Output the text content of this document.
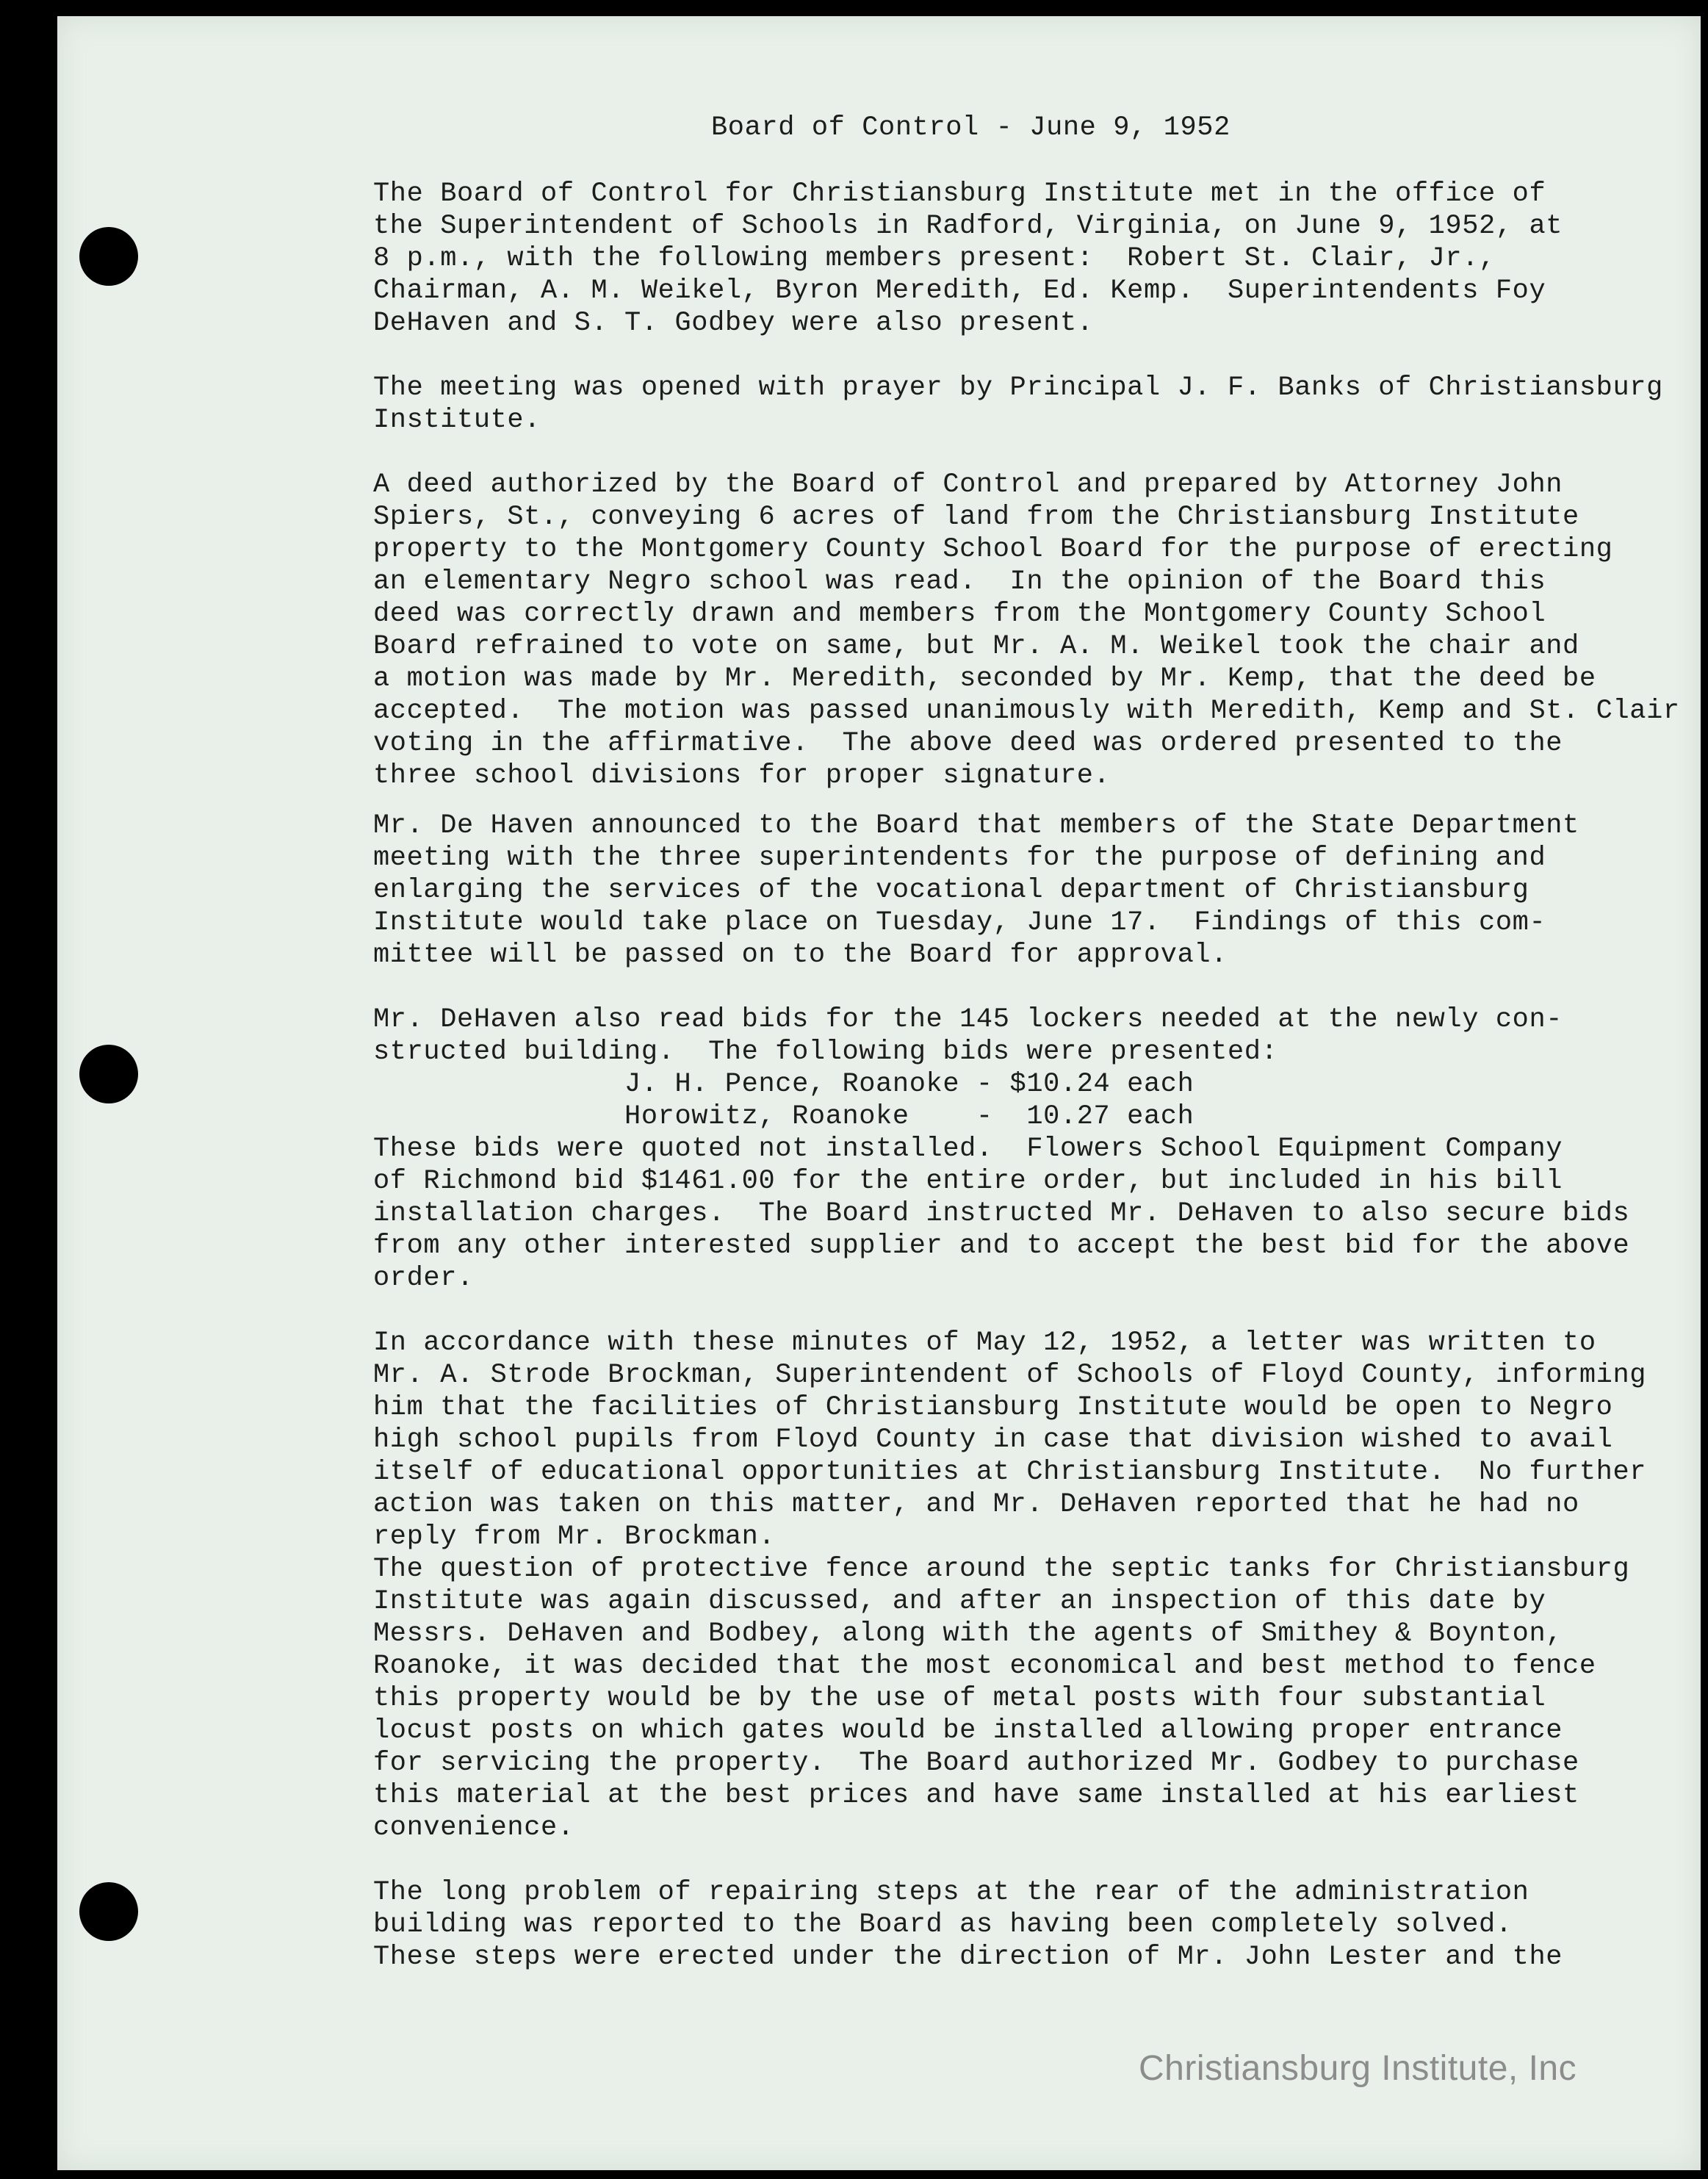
Board of Control - June 9, 1952
The Board of Control for Christiansburg Institute met in the office of
the Superintendent of Schools in Radford, Virginia, on June 9, 1952, at
8 p.m., with the following members present:  Robert St. Clair, Jr.,
Chairman, A. M. Weikel, Byron Meredith, Ed. Kemp.  Superintendents Foy
DeHaven and S. T. Godbey were also present.
The meeting was opened with prayer by Principal J. F. Banks of Christiansburg
Institute.
A deed authorized by the Board of Control and prepared by Attorney John
Spiers, St., conveying 6 acres of land from the Christiansburg Institute
property to the Montgomery County School Board for the purpose of erecting
an elementary Negro school was read.  In the opinion of the Board this
deed was correctly drawn and members from the Montgomery County School
Board refrained to vote on same, but Mr. A. M. Weikel took the chair and
a motion was made by Mr. Meredith, seconded by Mr. Kemp, that the deed be
accepted.  The motion was passed unanimously with Meredith, Kemp and St. Clair
voting in the affirmative.  The above deed was ordered presented to the
three school divisions for proper signature.
Mr. De Haven announced to the Board that members of the State Department
meeting with the three superintendents for the purpose of defining and
enlarging the services of the vocational department of Christiansburg
Institute would take place on Tuesday, June 17.  Findings of this com-
mittee will be passed on to the Board for approval.
Mr. DeHaven also read bids for the 145 lockers needed at the newly con-
structed building.  The following bids were presented:
J. H. Pence, Roanoke - $10.24 each
Horowitz, Roanoke    -  10.27 each
These bids were quoted not installed.  Flowers School Equipment Company
of Richmond bid $1461.00 for the entire order, but included in his bill
installation charges.  The Board instructed Mr. DeHaven to also secure bids
from any other interested supplier and to accept the best bid for the above
order.
In accordance with these minutes of May 12, 1952, a letter was written to
Mr. A. Strode Brockman, Superintendent of Schools of Floyd County, informing
him that the facilities of Christiansburg Institute would be open to Negro
high school pupils from Floyd County in case that division wished to avail
itself of educational opportunities at Christiansburg Institute.  No further
action was taken on this matter, and Mr. DeHaven reported that he had no
reply from Mr. Brockman.
The question of protective fence around the septic tanks for Christiansburg
Institute was again discussed, and after an inspection of this date by
Messrs. DeHaven and Bodbey, along with the agents of Smithey & Boynton,
Roanoke, it was decided that the most economical and best method to fence
this property would be by the use of metal posts with four substantial
locust posts on which gates would be installed allowing proper entrance
for servicing the property.  The Board authorized Mr. Godbey to purchase
this material at the best prices and have same installed at his earliest
convenience.
The long problem of repairing steps at the rear of the administration
building was reported to the Board as having been completely solved.
These steps were erected under the direction of Mr. John Lester and the
Christiansburg Institute, Inc
